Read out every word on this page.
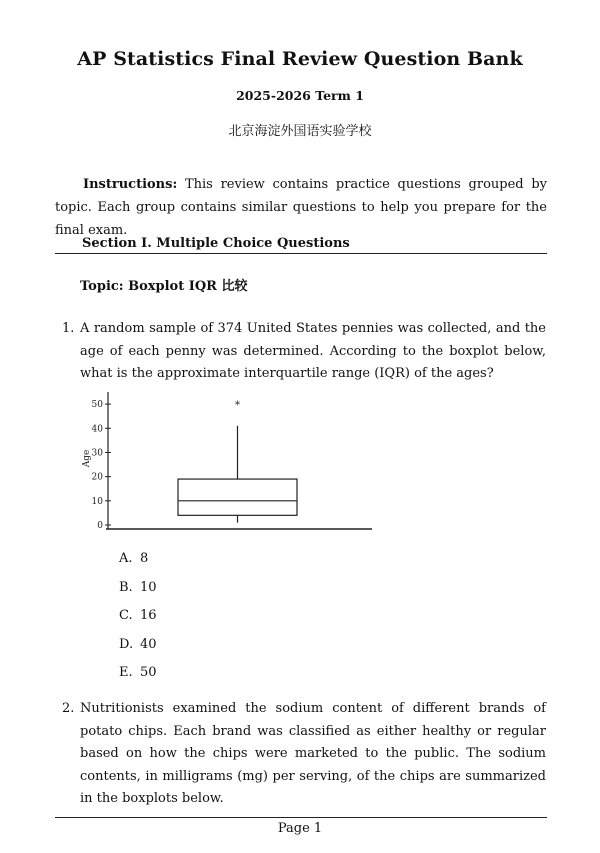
AP Statistics Final Review Question Bank
2025-2026 Term 1
北京海淀外国语实验学校
Instructions: This review contains practice questions grouped by topic. Each group contains similar questions to help you prepare for the final exam.
Section I. Multiple Choice Questions
Topic: Boxplot IQR 比较
1. A random sample of 374 United States pennies was collected, and the age of each penny was determined. According to the boxplot below, what is the approximate interquartile range (IQR) of the ages?
0
10
20
30
40
50
Age
*
A. 8
B. 10
C. 16
D. 40
E. 50
2. Nutritionists examined the sodium content of different brands of potato chips. Each brand was classified as either healthy or regular based on how the chips were marketed to the public. The sodium contents, in milligrams (mg) per serving, of the chips are summarized in the boxplots below.
Page 1
